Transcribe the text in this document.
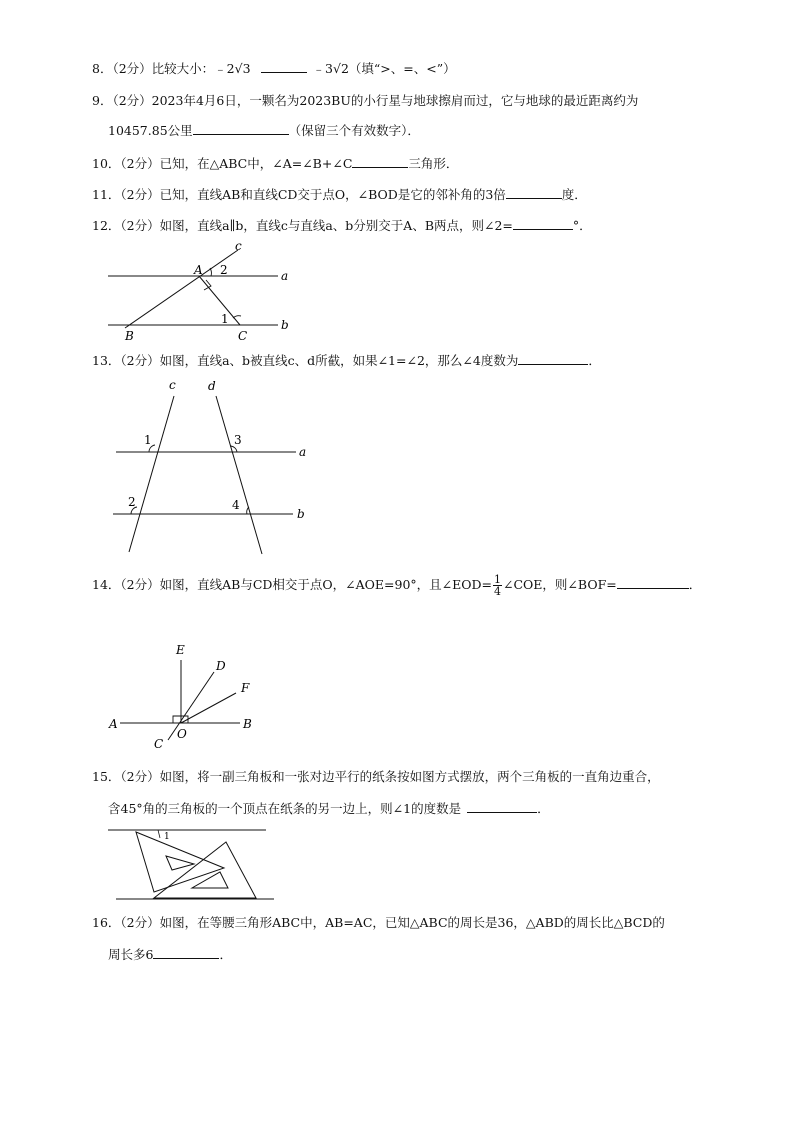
8．（2分）比较大小：﹣2√3	﹣3√2（填“>、=、<”）
9．（2分）2023年4月6日，一颗名为2023BU的小行星与地球擦肩而过，它与地球的最近距离约为
10457.85公里	（保留三个有效数字）．
10．（2分）已知，在△ABC中，∠A=∠B+∠C	三角形．
11．（2分）已知，直线AB和直线CD交于点O，∠BOD是它的邻补角的3倍	度．
12．（2分）如图，直线a∥b，直线c与直线a、b分别交于A、B两点，则∠2=	°．
c
A 2	a
1
B	C
b
13．（2分）如图，直线a、b被直线c、d所截，如果∠1=∠2，那么∠4度数为	．
c	d
1	3
a
2	4
b
14．（2分）如图，直线AB与CD相交于点O，∠AOE=90°，且∠EOD= $\frac{1}{4}$ ∠COE，则∠BOF=	．
E
D
F
A	B
O
C
15．（2分）如图，将一副三角板和一张对边平行的纸条按如图方式摆放，两个三角板的一直角边重合，
含45°角的三角板的一个顶点在纸条的另一边上，则∠1的度数是	．
1
16．（2分）如图，在等腰三角形ABC中，AB=AC，已知△ABC的周长是36，△ABD的周长比△BCD的
周长多6	．
